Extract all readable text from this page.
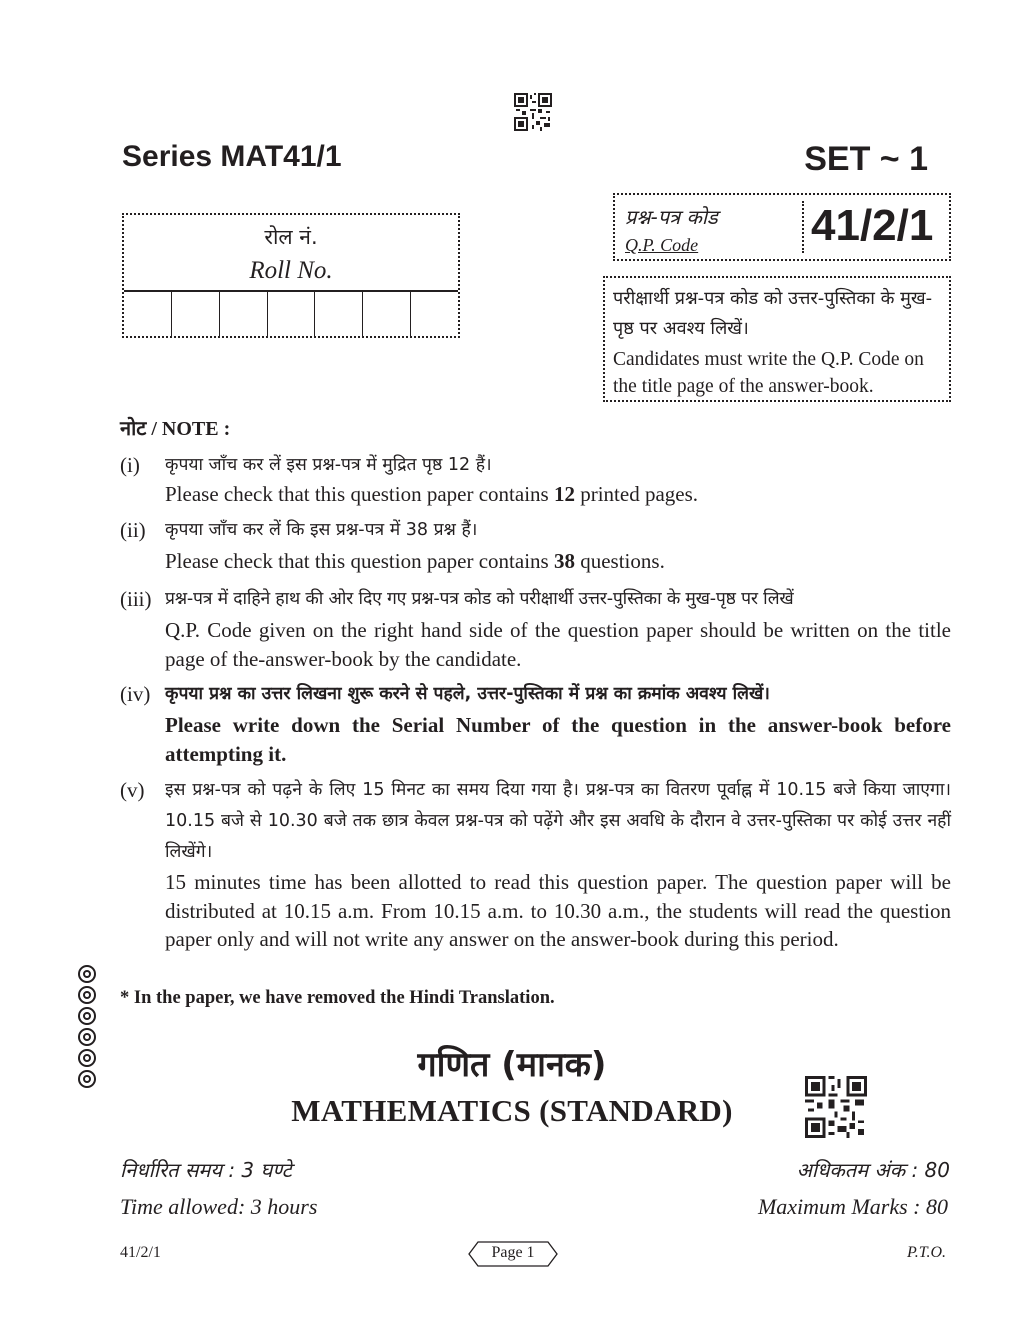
Series MAT41/1	SET ~ 1
रोल नं.
Roll No.
प्रश्न-पत्र कोड
Q.P. Code	41/2/1
परीक्षार्थी प्रश्न-पत्र कोड को उत्तर-पुस्तिका के मुख-पृष्ठ पर अवश्य लिखें।
Candidates must write the Q.P. Code on the title page of the answer-book.
नोट / NOTE :
(i) कृपया जाँच कर लें इस प्रश्न-पत्र में मुद्रित पृष्ठ 12 हैं।
Please check that this question paper contains 12 printed pages.
(ii) कृपया जाँच कर लें कि इस प्रश्न-पत्र में 38 प्रश्न हैं।
Please check that this question paper contains 38 questions.
(iii) प्रश्न-पत्र में दाहिने हाथ की ओर दिए गए प्रश्न-पत्र कोड को परीक्षार्थी उत्तर-पुस्तिका के मुख-पृष्ठ पर लिखें
Q.P. Code given on the right hand side of the question paper should be written on the title page of the-answer-book by the candidate.
(iv) कृपया प्रश्न का उत्तर लिखना शुरू करने से पहले, उत्तर-पुस्तिका में प्रश्न का क्रमांक अवश्य लिखें।
Please write down the Serial Number of the question in the answer-book before attempting it.
(v) इस प्रश्न-पत्र को पढ़ने के लिए 15 मिनट का समय दिया गया है। प्रश्न-पत्र का वितरण पूर्वाह्न में 10.15 बजे किया जाएगा। 10.15 बजे से 10.30 बजे तक छात्र केवल प्रश्न-पत्र को पढ़ेंगे और इस अवधि के दौरान वे उत्तर-पुस्तिका पर कोई उत्तर नहीं लिखेंगे।
15 minutes time has been allotted to read this question paper. The question paper will be distributed at 10.15 a.m. From 10.15 a.m. to 10.30 a.m., the students will read the question paper only and will not write any answer on the answer-book during this period.
* In the paper, we have removed the Hindi Translation.
गणित (मानक)
MATHEMATICS (STANDARD)
निर्धारित समय : 3 घण्टे	अधिकतम अंक : 80
Time allowed: 3 hours	Maximum Marks : 80
41/2/1	Page 1	P.T.O.
